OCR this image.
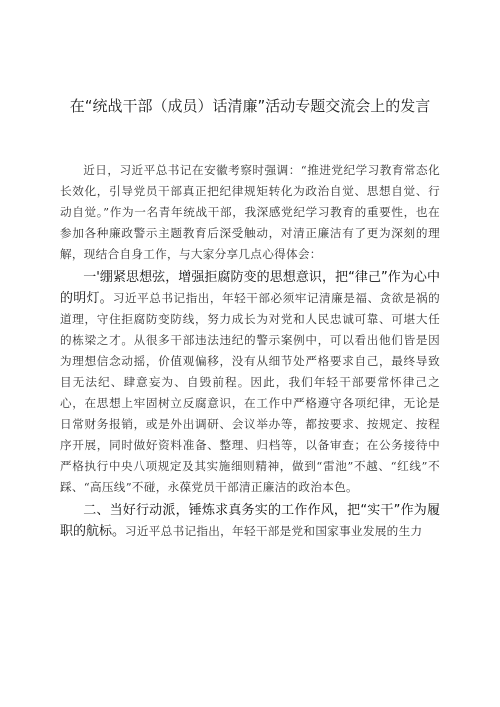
在“统战干部（成员）话清廉”活动专题交流会上的发言

近日，习近平总书记在安徽考察时强调：“推进党纪学习教育常态化长效化，引导党员干部真正把纪律规矩转化为政治自觉、思想自觉、行动自觉。”作为一名青年统战干部，我深感党纪学习教育的重要性，也在参加各种廉政警示主题教育后深受触动，对清正廉洁有了更为深刻的理解，现结合自身工作，与大家分享几点心得体会：

一'绷紧思想弦，增强拒腐防变的思想意识，把“律己”作为心中的明灯。习近平总书记指出，年轻干部必须牢记清廉是福、贪欲是祸的道理，守住拒腐防变防线，努力成长为对党和人民忠诚可靠、可堪大任的栋梁之才。从很多干部违法违纪的警示案例中，可以看出他们皆是因为理想信念动摇，价值观偏移，没有从细节处严格要求自己，最终导致目无法纪、肆意妄为、自毁前程。因此，我们年轻干部要常怀律己之心，在思想上牢固树立反腐意识，在工作中严格遵守各项纪律，无论是日常财务报销，或是外出调研、会议举办等，都按要求、按规定、按程序开展，同时做好资料准备、整理、归档等，以备审查；在公务接待中严格执行中央八项规定及其实施细则精神，做到“雷池”不越、“红线”不踩、“高压线”不碰，永葆党员干部清正廉洁的政治本色。

二、当好行动派，锤炼求真务实的工作作风，把“实干”作为履职的航标。习近平总书记指出，年轻干部是党和国家事业发展的生力
